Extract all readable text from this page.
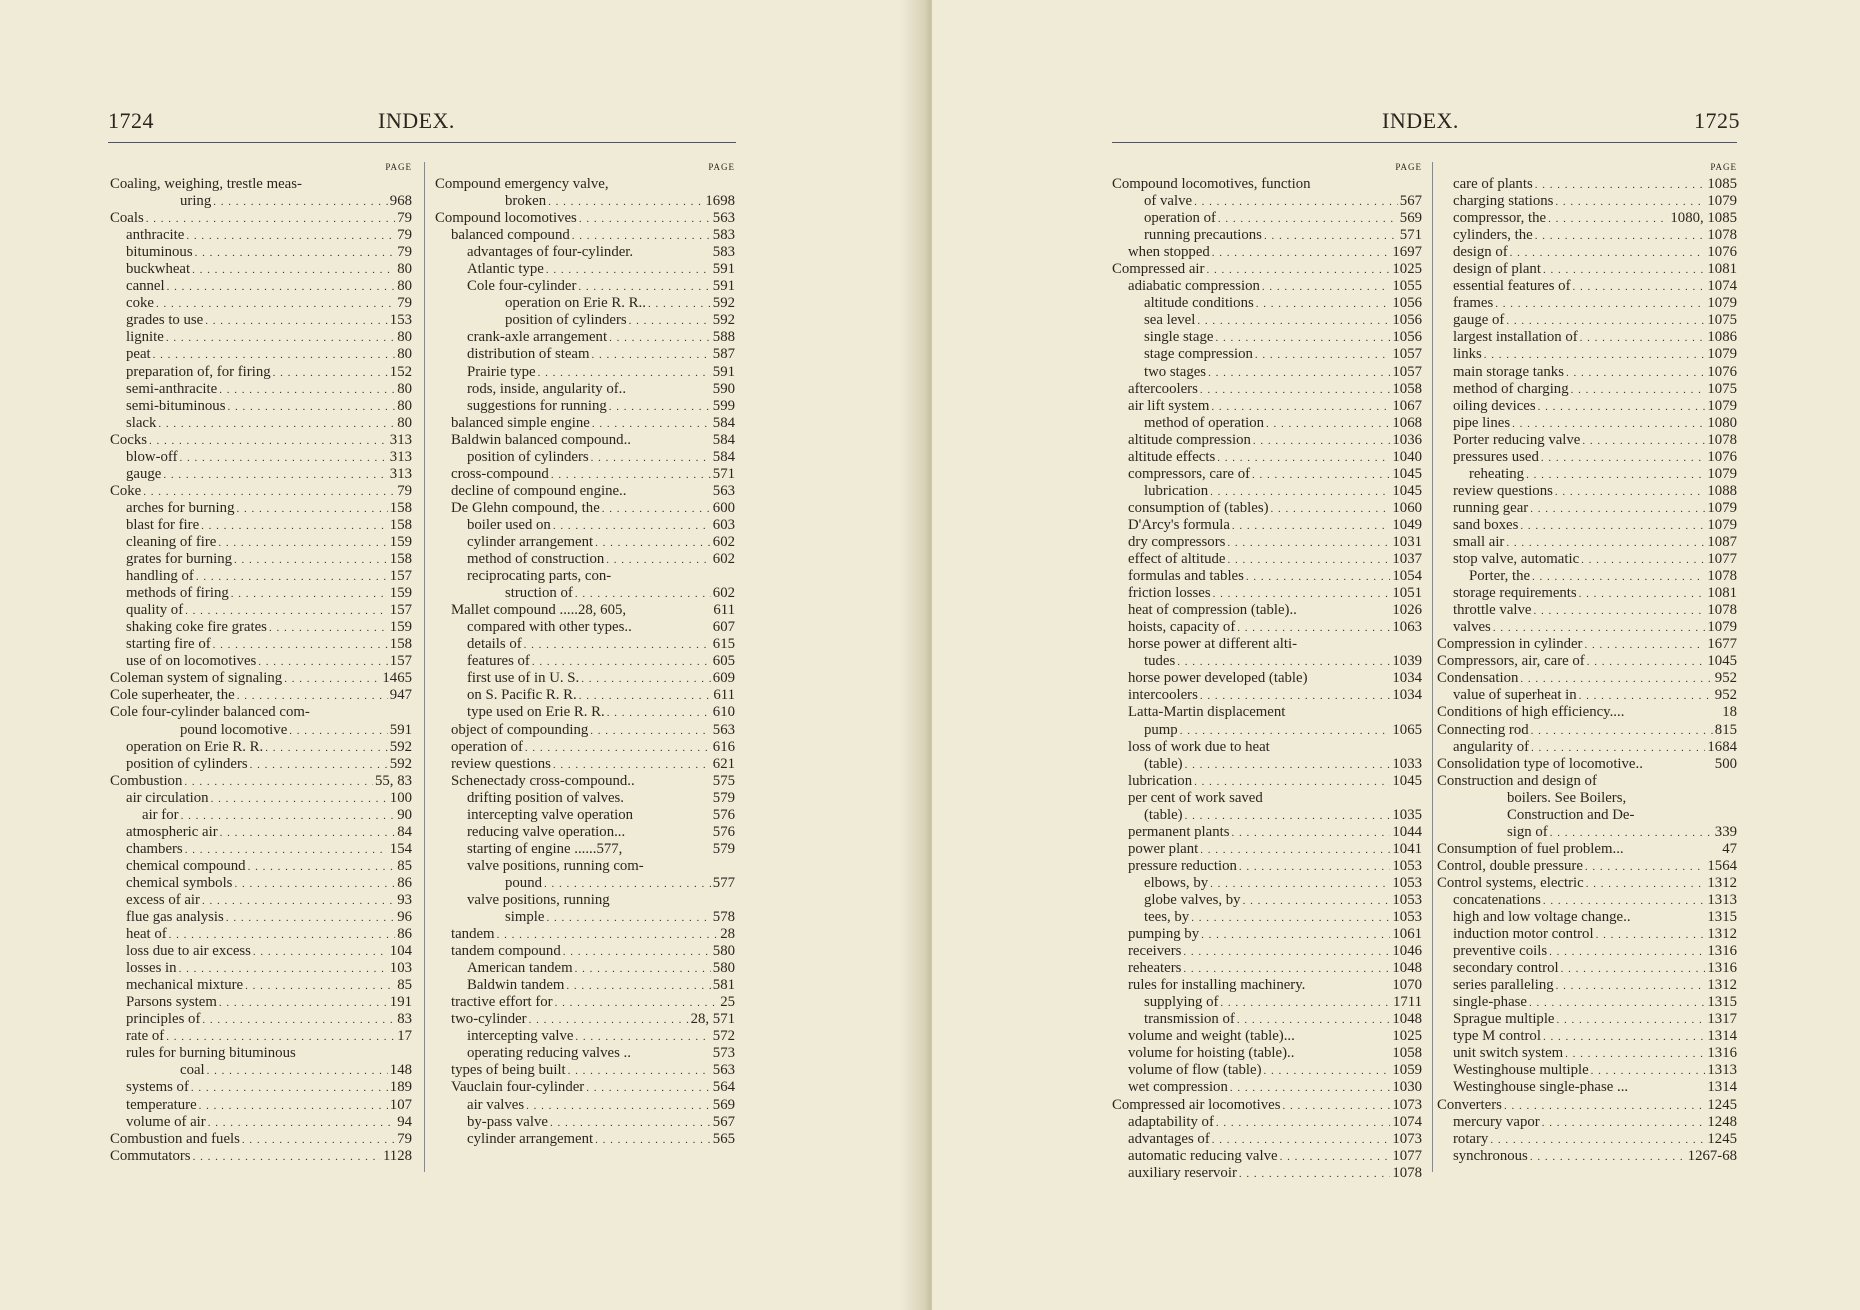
1724	INDEX.
PAGE
Coaling, weighing, trestle meas-
uring . . .	968
Coals . . .	79
anthracite . . .	79
bituminous . . .	79
buckwheat . . .	80
cannel . . .	80
coke . . .	79
grades to use . . .	153
lignite . . .	80
peat . . .	80
preparation of, for firing . . .	152
semi-anthracite . . .	80
semi-bituminous . . .	80
slack . . .	80
Cocks . . .	313
blow-off . . .	313
gauge . . .	313
Coke . . .	79
arches for burning . . .	158
blast for fire . . .	158
cleaning of fire . . .	159
grates for burning . . .	158
handling of . . .	157
methods of firing . . .	159
quality of . . .	157
shaking coke fire grates . . .	159
starting fire of . . .	158
use of on locomotives . . .	157
Coleman system of signaling . . .	1465
Cole superheater, the . . .	947
Cole four-cylinder balanced com-
pound locomotive . . .	591
operation on Erie R. R. . . .	592
position of cylinders . . .	592
Combustion . . .	55, 83
air circulation . . .	100
air for . . .	90
atmospheric air . . .	84
chambers . . .	154
chemical compound . . .	85
chemical symbols . . .	86
excess of air . . .	93
flue gas analysis . . .	96
heat of . . .	86
loss due to air excess . . .	104
losses in . . .	103
mechanical mixture . . .	85
Parsons system . . .	191
principles of . . .	83
rate of . . .	17
rules for burning bituminous
coal . . .	148
systems of . . .	189
temperature . . .	107
volume of air . . .	94
Combustion and fuels . . .	79
Commutators . . .	1128
PAGE
Compound emergency valve,
broken . . .	1698
Compound locomotives . . .	563
balanced compound . . .	583
advantages of four-cylinder.	583
Atlantic type . . .	591
Cole four-cylinder . . .	591
operation on Erie R. R.. . . .	592
position of cylinders . . .	592
crank-axle arrangement . . .	588
distribution of steam . . .	587
Prairie type . . .	591
rods, inside, angularity of..	590
suggestions for running . . .	599
balanced simple engine . . .	584
Baldwin balanced compound..	584
position of cylinders . . .	584
cross-compound . . .	571
decline of compound engine..	563
De Glehn compound, the . . .	600
boiler used on . . .	603
cylinder arrangement . . .	602
method of construction . . .	602
reciprocating parts, con-
struction of . . .	602
Mallet compound .....28, 605,	611
compared with other types..	607
details of . . .	615
features of . . .	605
first use of in U. S. . . .	609
on S. Pacific R. R. . . .	611
type used on Erie R. R. . . .	610
object of compounding . . .	563
operation of . . .	616
review questions . . .	621
Schenectady cross-compound..	575
drifting position of valves.	579
intercepting valve operation	576
reducing valve operation...	576
starting of engine ......577,	579
valve positions, running com-
pound . . .	577
valve positions, running
simple . . .	578
tandem . . .	28
tandem compound . . .	580
American tandem . . .	580
Baldwin tandem . . .	581
tractive effort for . . .	25
two-cylinder . . .	28, 571
intercepting valve . . .	572
operating reducing valves ..	573
types of being built . . .	563
Vauclain four-cylinder . . .	564
air valves . . .	569
by-pass valve . . .	567
cylinder arrangement . . .	565
INDEX.	1725
PAGE
Compound locomotives, function
of valve . . .	567
operation of . . .	569
running precautions . . .	571
when stopped . . .	1697
Compressed air . . .	1025
adiabatic compression . . .	1055
altitude conditions . . .	1056
sea level . . .	1056
single stage . . .	1056
stage compression . . .	1057
two stages . . .	1057
aftercoolers . . .	1058
air lift system . . .	1067
method of operation . . .	1068
altitude compression . . .	1036
altitude effects . . .	1040
compressors, care of . . .	1045
lubrication . . .	1045
consumption of (tables) . . .	1060
D'Arcy's formula . . .	1049
dry compressors . . .	1031
effect of altitude . . .	1037
formulas and tables . . .	1054
friction losses . . .	1051
heat of compression (table)..	1026
hoists, capacity of . . .	1063
horse power at different alti-
tudes . . .	1039
horse power developed (table)	1034
intercoolers . . .	1034
Latta-Martin displacement
pump . . .	1065
loss of work due to heat
(table) . . .	1033
lubrication . . .	1045
per cent of work saved
(table) . . .	1035
permanent plants . . .	1044
power plant . . .	1041
pressure reduction . . .	1053
elbows, by . . .	1053
globe valves, by . . .	1053
tees, by . . .	1053
pumping by . . .	1061
receivers . . .	1046
reheaters . . .	1048
rules for installing machinery.	1070
supplying of . . .	1711
transmission of . . .	1048
volume and weight (table)...	1025
volume for hoisting (table)..	1058
volume of flow (table) . . .	1059
wet compression . . .	1030
Compressed air locomotives . . .	1073
adaptability of . . .	1074
advantages of . . .	1073
automatic reducing valve . . .	1077
auxiliary reservoir . . .	1078
PAGE
care of plants . . .	1085
charging stations . . .	1079
compressor, the . . .	1080, 1085
cylinders, the . . .	1078
design of . . .	1076
design of plant . . .	1081
essential features of . . .	1074
frames . . .	1079
gauge of . . .	1075
largest installation of . . .	1086
links . . .	1079
main storage tanks . . .	1076
method of charging . . .	1075
oiling devices . . .	1079
pipe lines . . .	1080
Porter reducing valve . . .	1078
pressures used . . .	1076
reheating . . .	1079
review questions . . .	1088
running gear . . .	1079
sand boxes . . .	1079
small air . . .	1087
stop valve, automatic . . .	1077
Porter, the . . .	1078
storage requirements . . .	1081
throttle valve . . .	1078
valves . . .	1079
Compression in cylinder . . .	1677
Compressors, air, care of . . .	1045
Condensation . . .	952
value of superheat in . . .	952
Conditions of high efficiency....	18
Connecting rod . . .	815
angularity of . . .	1684
Consolidation type of locomotive..	500
Construction and design of
boilers. See Boilers,
Construction and De-
sign of . . .	339
Consumption of fuel problem...	47
Control, double pressure . . .	1564
Control systems, electric . . .	1312
concatenations . . .	1313
high and low voltage change..	1315
induction motor control . . .	1312
preventive coils . . .	1316
secondary control . . .	1316
series paralleling . . .	1312
single-phase . . .	1315
Sprague multiple . . .	1317
type M control . . .	1314
unit switch system . . .	1316
Westinghouse multiple . . .	1313
Westinghouse single-phase ...	1314
Converters . . .	1245
mercury vapor . . .	1248
rotary . . .	1245
synchronous . . .	1267-68
